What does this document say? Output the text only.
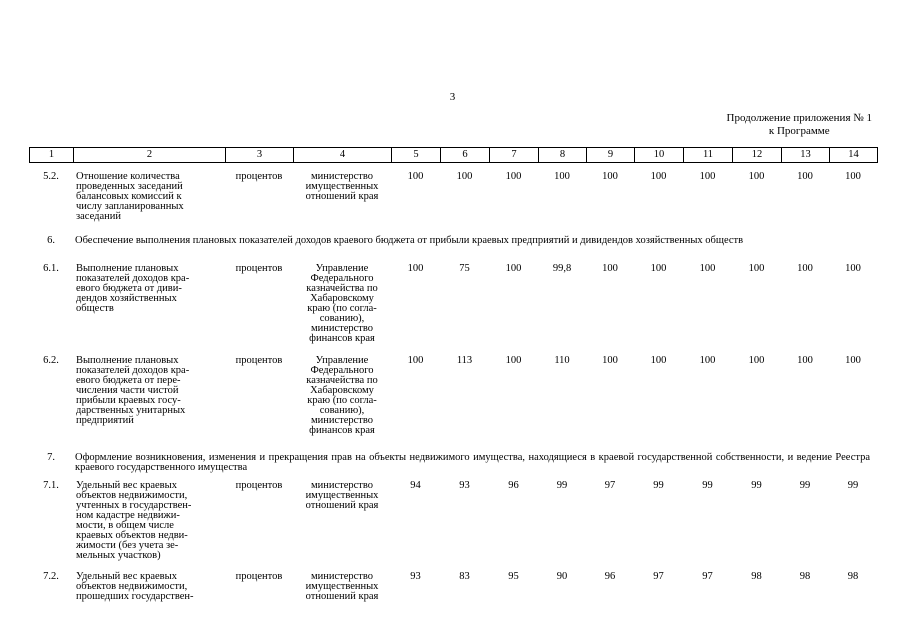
3
Продолжение приложения № 1
к Программе
1	2	3	4	5	6	7	8	9	10	11	12	13	14
5.2.	Отношение количества
проведенных заседаний
балансовых комиссий к
числу запланированных
заседаний
процентов	министерство
имущественных
отношений края
100	100	100	100	100	100	100	100	100	100
6.	Обеспечение выполнения плановых показателей доходов краевого бюджета от прибыли краевых предприятий и дивидендов хозяйственных обществ
6.1.	Выполнение плановых
показателей доходов кра-
евого бюджета от диви-
дендов хозяйственных
обществ
процентов	Управление
Федерального
казначейства по
Хабаровскому
краю (по согла-
сованию),
министерство
финансов края
100	75	100	99,8	100	100	100	100	100	100
6.2.	Выполнение плановых
показателей доходов кра-
евого бюджета от пере-
числения части чистой
прибыли краевых госу-
дарственных унитарных
предприятий
процентов	Управление
Федерального
казначейства по
Хабаровскому
краю (по согла-
сованию),
министерство
финансов края
100	113	100	110	100	100	100	100	100	100
7.	Оформление возникновения, изменения и прекращения прав на объекты недвижимого имущества, находящиеся в краевой государственной собственности, и ведение Реестра краевого государственного имущества
7.1.	Удельный вес краевых
объектов недвижимости,
учтенных в государствен-
ном кадастре недвижи-
мости, в общем числе
краевых объектов недви-
жимости (без учета зе-
мельных участков)
процентов	министерство
имущественных
отношений края
94	93	96	99	97	99	99	99	99	99
7.2.	Удельный вес краевых
объектов недвижимости,
прошедших государствен-
процентов	министерство
имущественных
отношений края
93	83	95	90	96	97	97	98	98	98
